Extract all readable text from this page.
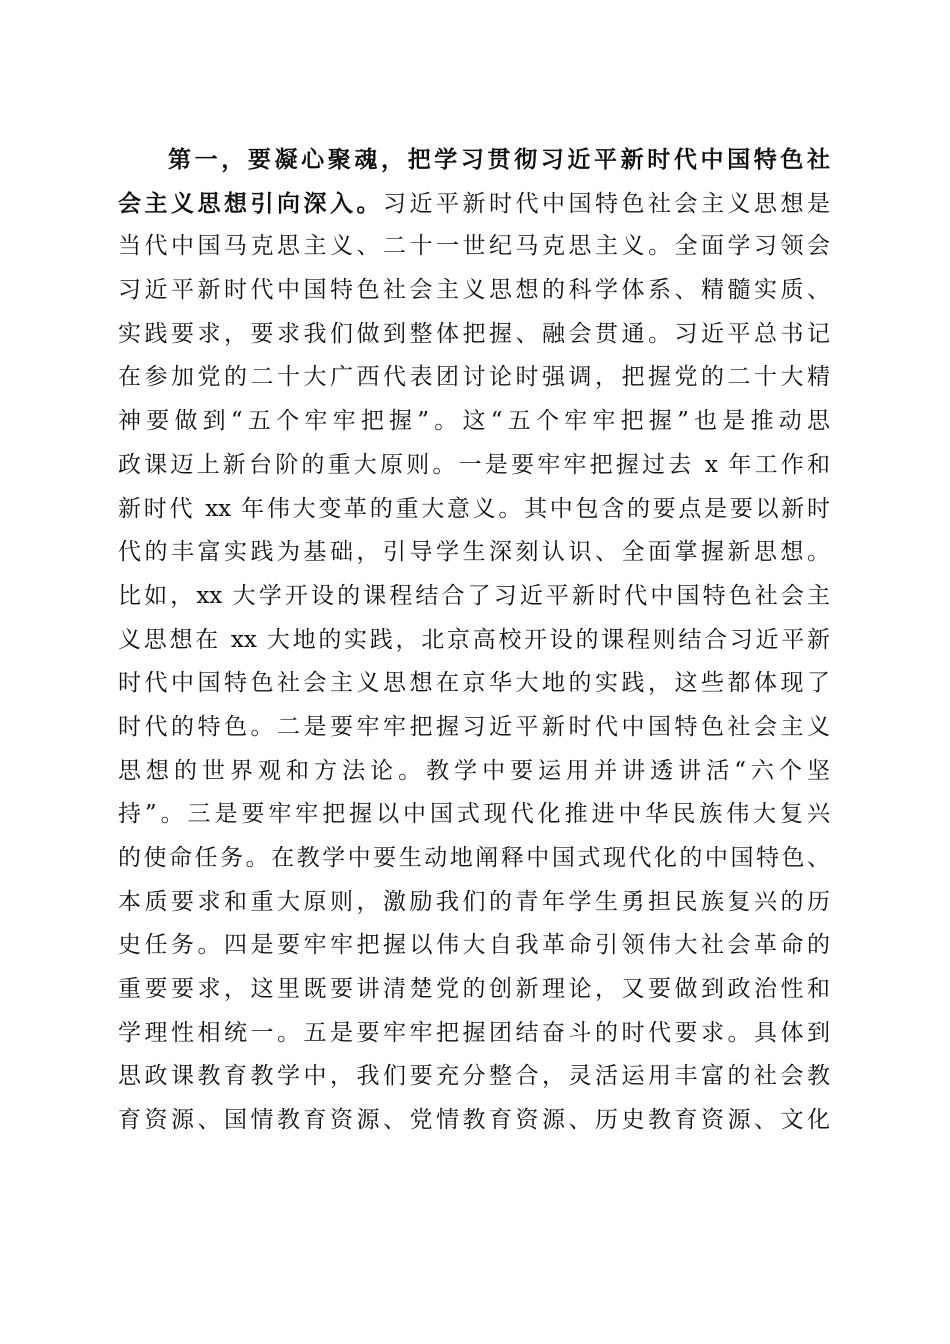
第一，要凝心聚魂，把学习贯彻习近平新时代中国特色社
会主义思想引向深入。习近平新时代中国特色社会主义思想是
当代中国马克思主义、二十一世纪马克思主义。全面学习领会
习近平新时代中国特色社会主义思想的科学体系、精髓实质、
实践要求，要求我们做到整体把握、融会贯通。习近平总书记
在参加党的二十大广西代表团讨论时强调，把握党的二十大精
神要做到“五个牢牢把握”。这“五个牢牢把握”也是推动思
政课迈上新台阶的重大原则。一是要牢牢把握过去 x 年工作和
新时代 xx 年伟大变革的重大意义。其中包含的要点是要以新时
代的丰富实践为基础，引导学生深刻认识、全面掌握新思想。
比如，xx 大学开设的课程结合了习近平新时代中国特色社会主
义思想在 xx 大地的实践，北京高校开设的课程则结合习近平新
时代中国特色社会主义思想在京华大地的实践，这些都体现了
时代的特色。二是要牢牢把握习近平新时代中国特色社会主义
思想的世界观和方法论。教学中要运用并讲透讲活“六个坚
持”。三是要牢牢把握以中国式现代化推进中华民族伟大复兴
的使命任务。在教学中要生动地阐释中国式现代化的中国特色、
本质要求和重大原则，激励我们的青年学生勇担民族复兴的历
史任务。四是要牢牢把握以伟大自我革命引领伟大社会革命的
重要要求，这里既要讲清楚党的创新理论，又要做到政治性和
学理性相统一。五是要牢牢把握团结奋斗的时代要求。具体到
思政课教育教学中，我们要充分整合，灵活运用丰富的社会教
育资源、国情教育资源、党情教育资源、历史教育资源、文化
